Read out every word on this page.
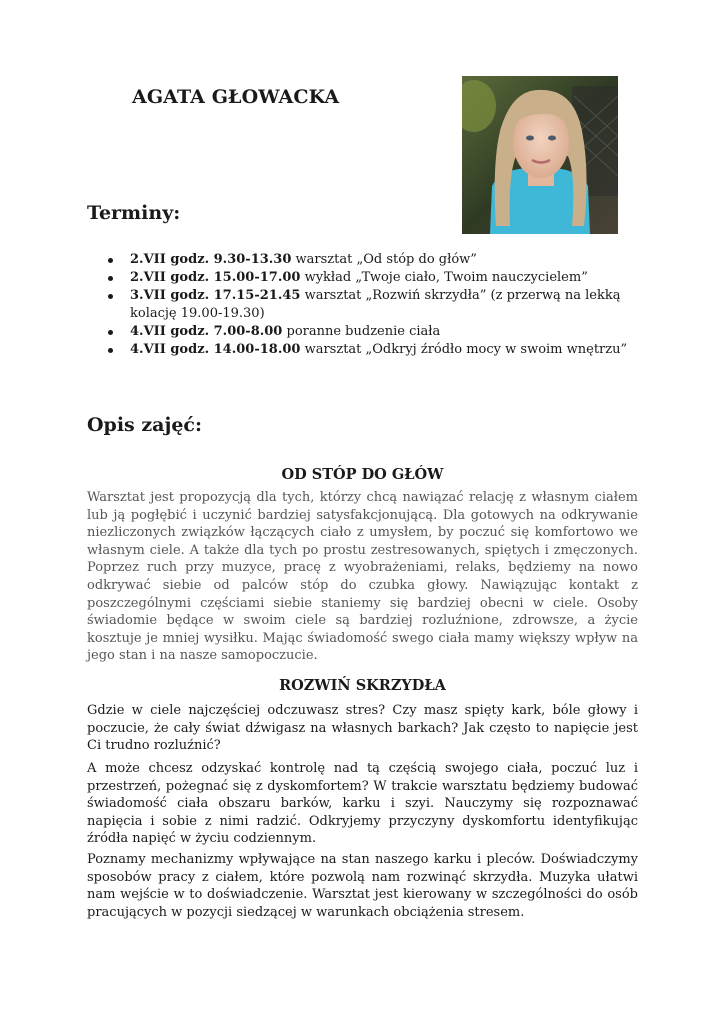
AGATA GŁOWACKA
Terminy:
2.VII godz. 9.30-13.30 warsztat „Od stóp do głów”
2.VII godz. 15.00-17.00 wykład „Twoje ciało, Twoim nauczycielem”
3.VII godz. 17.15-21.45 warsztat „Rozwiń skrzydła” (z przerwą na lekką kolację 19.00-19.30)
4.VII godz. 7.00-8.00 poranne budzenie ciała
4.VII godz. 14.00-18.00 warsztat „Odkryj źródło mocy w swoim wnętrzu”
Opis zajęć:
OD STÓP DO GŁÓW

Warsztat jest propozycją dla tych, którzy chcą nawiązać relację z własnym ciałem lub ją pogłębić i uczynić bardziej satysfakcjonującą. Dla gotowych na odkrywanie niezliczonych związków łączących ciało z umysłem, by poczuć się komfortowo we własnym ciele. A także dla tych po prostu zestresowanych, spiętych i zmęczonych. Poprzez ruch przy muzyce, pracę z wyobrażeniami, relaks, będziemy na nowo odkrywać siebie od palców stóp do czubka głowy. Nawiązując kontakt z poszczególnymi częściami siebie staniemy się bardziej obecni w ciele. Osoby świadomie będące w swoim ciele są bardziej rozluźnione, zdrowsze, a życie kosztuje je mniej wysiłku. Mając świadomość swego ciała mamy większy wpływ na jego stan i na nasze samopoczucie.

ROZWIŃ SKRZYDŁA

Gdzie w ciele najczęściej odczuwasz stres? Czy masz spięty kark, bóle głowy i poczucie, że cały świat dźwigasz na własnych barkach? Jak często to napięcie jest Ci trudno rozluźnić?

A może chcesz odzyskać kontrolę nad tą częścią swojego ciała, poczuć luz i przestrzeń, pożegnać się z dyskomfortem? W trakcie warsztatu będziemy budować świadomość ciała obszaru barków, karku i szyi. Nauczymy się rozpoznawać napięcia i sobie z nimi radzić. Odkryjemy przyczyny dyskomfortu identyfikując źródła napięć w życiu codziennym.

Poznamy mechanizmy wpływające na stan naszego karku i pleców. Doświadczymy sposobów pracy z ciałem, które pozwolą nam rozwinąć skrzydła. Muzyka ułatwi nam wejście w to doświadczenie. Warsztat jest kierowany w szczególności do osób pracujących w pozycji siedzącej w warunkach obciążenia stresem.
